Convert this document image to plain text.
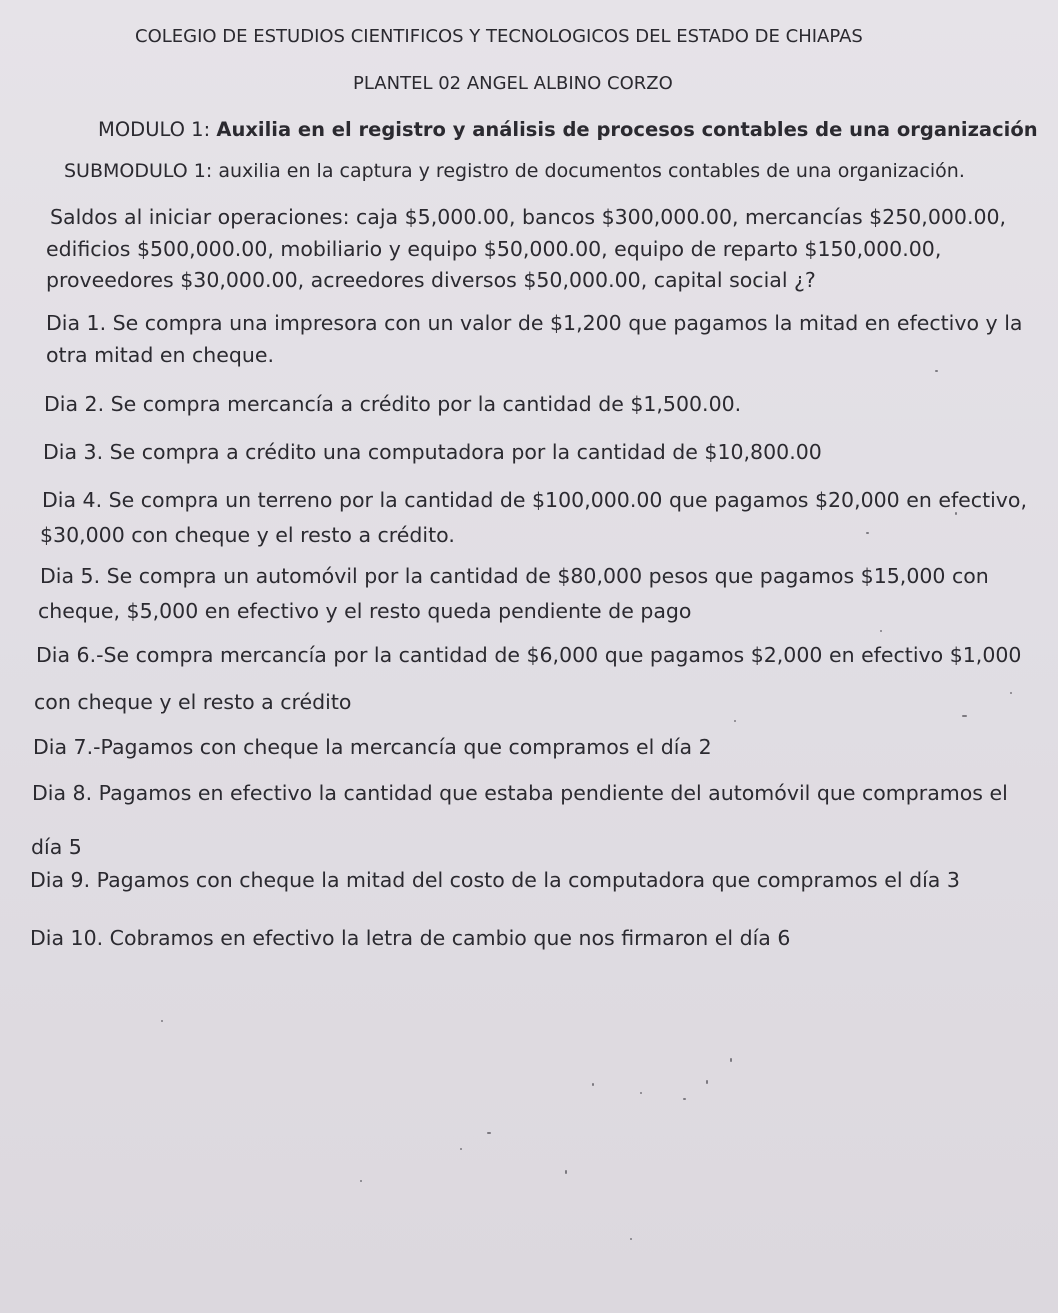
COLEGIO DE ESTUDIOS CIENTIFICOS Y TECNOLOGICOS DEL ESTADO DE CHIAPAS
PLANTEL 02 ANGEL ALBINO CORZO
MODULO 1: Auxilia en el registro y análisis de procesos contables de una organización
SUBMODULO 1: auxilia en la captura y registro de documentos contables de una organización.
Saldos al iniciar operaciones: caja $5,000.00, bancos $300,000.00, mercancías $250,000.00,
edificios $500,000.00, mobiliario y equipo $50,000.00, equipo de reparto $150,000.00,
proveedores $30,000.00, acreedores diversos $50,000.00, capital social ¿?
Dia 1. Se compra una impresora con un valor de $1,200 que pagamos la mitad en efectivo y la
otra mitad en cheque.
Dia 2. Se compra mercancía a crédito por la cantidad de $1,500.00.
Dia 3. Se compra a crédito una computadora por la cantidad de $10,800.00
Dia 4. Se compra un terreno por la cantidad de $100,000.00 que pagamos $20,000 en efectivo,
$30,000 con cheque y el resto a crédito.
Dia 5. Se compra un automóvil por la cantidad de $80,000 pesos que pagamos $15,000 con
cheque, $5,000 en efectivo y el resto queda pendiente de pago
Dia 6.-Se compra mercancía por la cantidad de $6,000 que pagamos $2,000 en efectivo $1,000
con cheque y el resto a crédito
Dia 7.-Pagamos con cheque la mercancía que compramos el día 2
Dia 8. Pagamos en efectivo la cantidad que estaba pendiente del automóvil que compramos el
día 5
Dia 9. Pagamos con cheque la mitad del costo de la computadora que compramos el día 3
Dia 10. Cobramos en efectivo la letra de cambio que nos firmaron el día 6
